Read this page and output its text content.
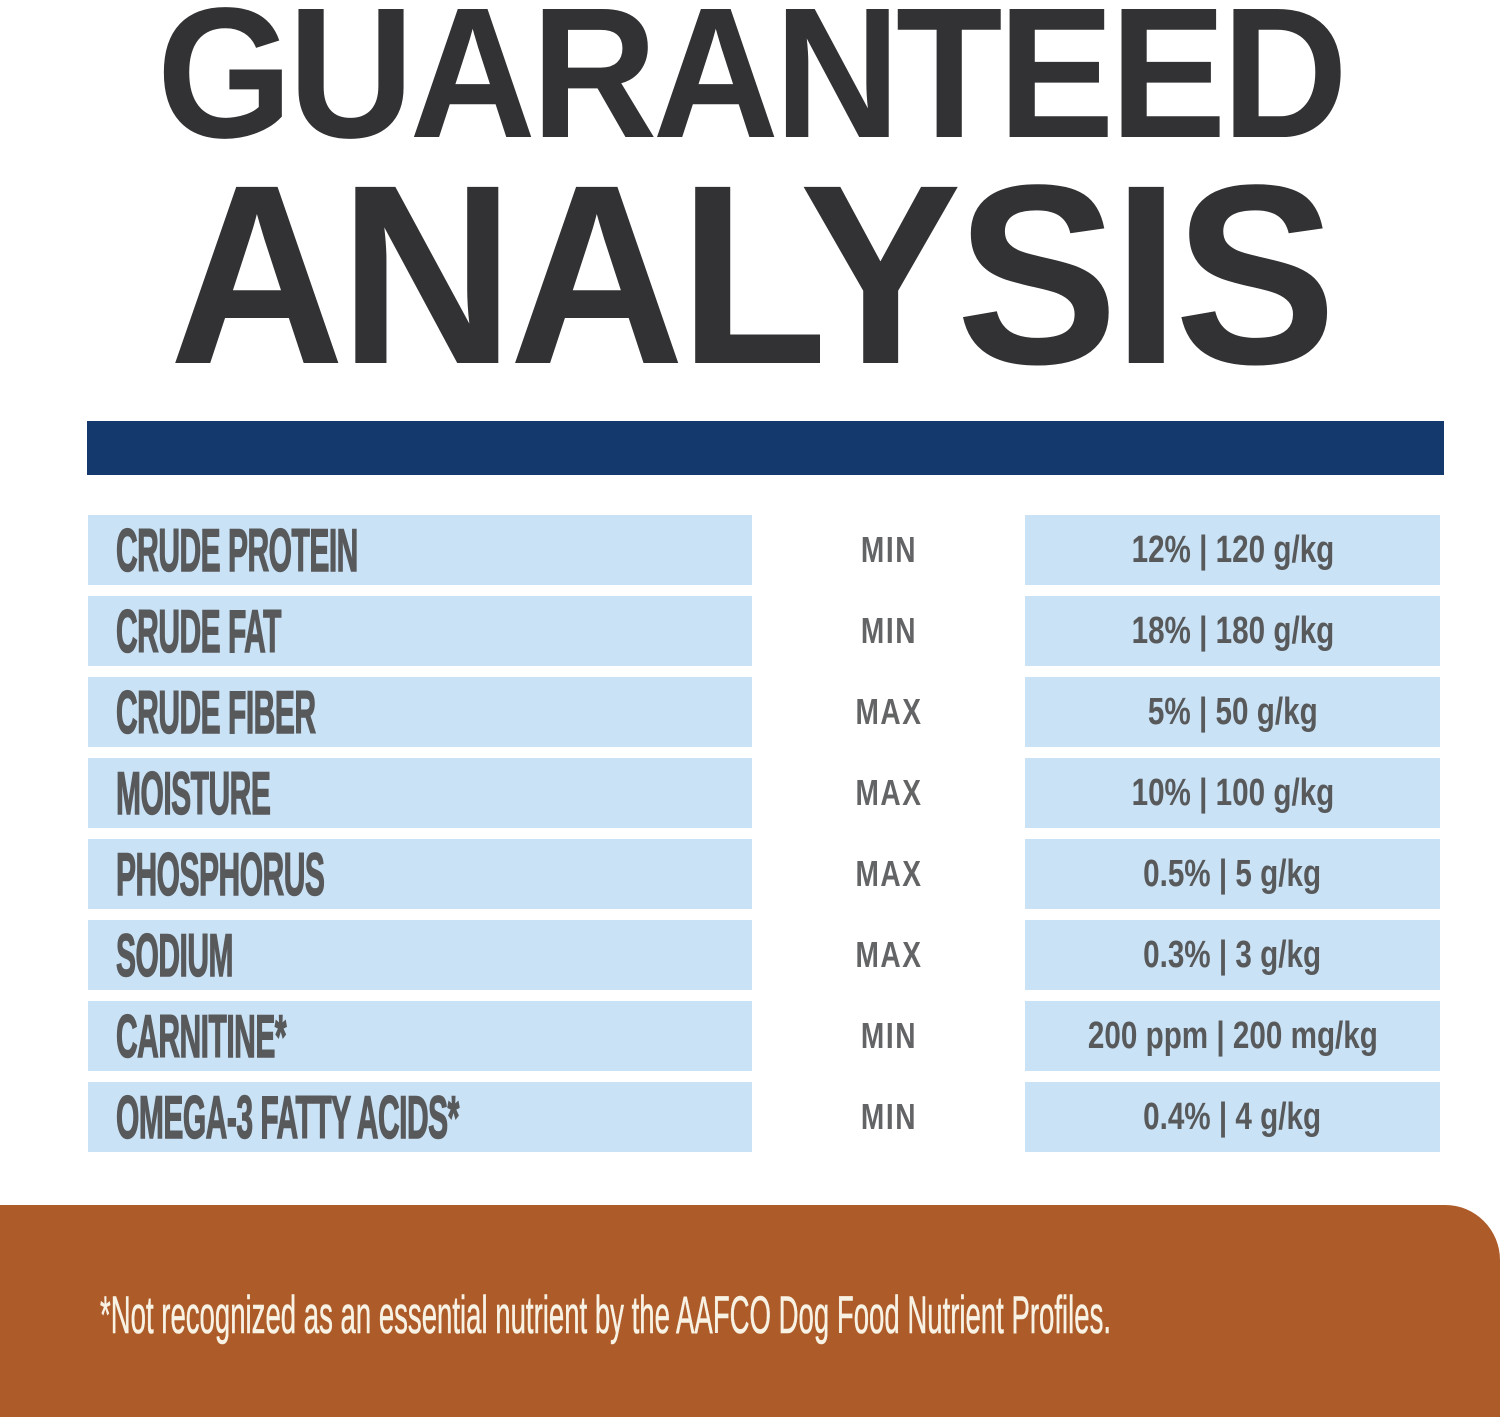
GUARANTEED
ANALYSIS
CRUDE PROTEIN	MIN	12% | 120 g/kg
CRUDE FAT	MIN	18% | 180 g/kg
CRUDE FIBER	MAX	5% | 50 g/kg
MOISTURE	MAX	10% | 100 g/kg
PHOSPHORUS	MAX	0.5% | 5 g/kg
SODIUM	MAX	0.3% | 3 g/kg
CARNITINE*	MIN	200 ppm | 200 mg/kg
OMEGA-3 FATTY ACIDS*	MIN	0.4% | 4 g/kg
*Not recognized as an essential nutrient by the AAFCO Dog Food Nutrient Profiles.
